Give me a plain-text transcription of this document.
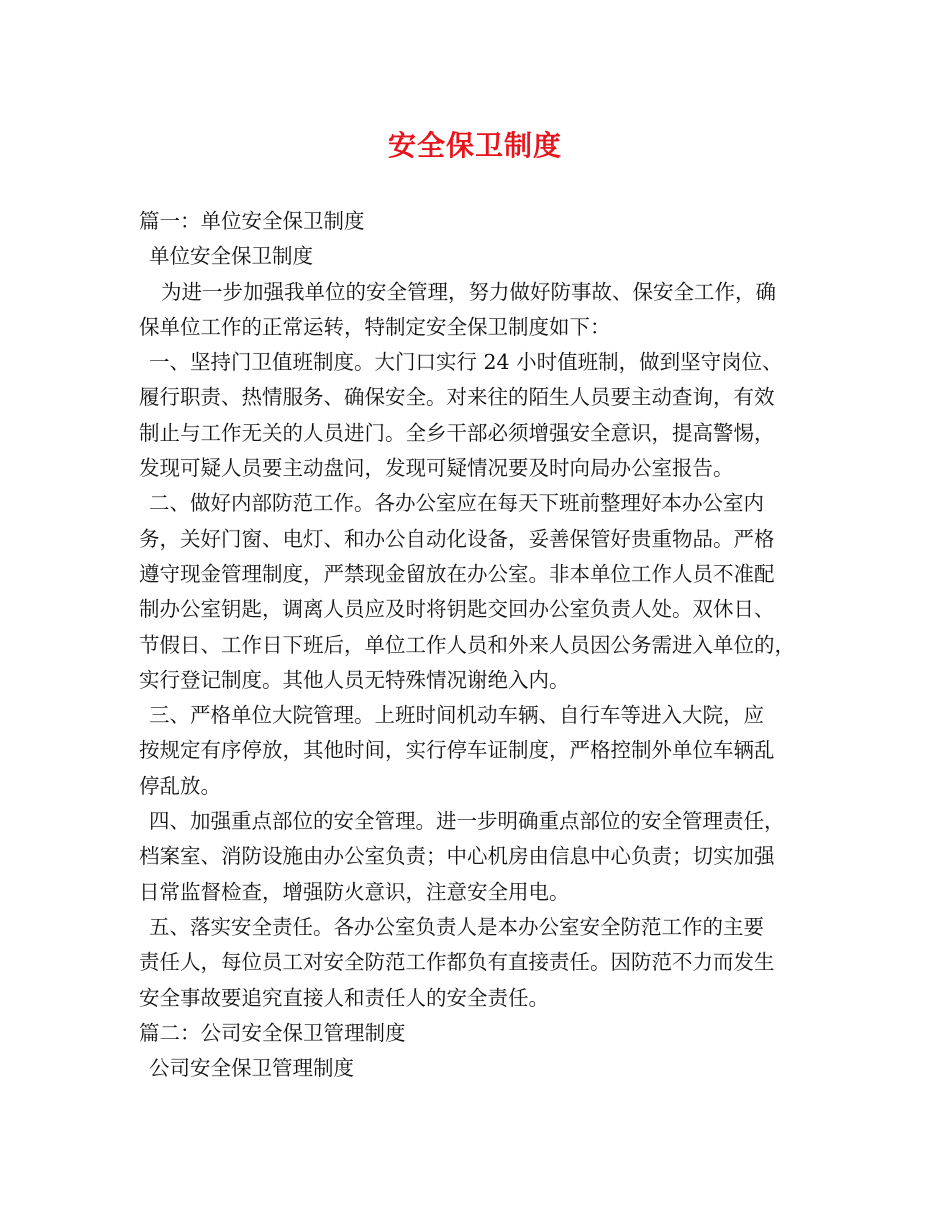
安全保卫制度
篇一：单位安全保卫制度
单位安全保卫制度
为进一步加强我单位的安全管理，努力做好防事故、保安全工作，确
保单位工作的正常运转，特制定安全保卫制度如下：
一、坚持门卫值班制度。大门口实行 24 小时值班制，做到坚守岗位、
履行职责、热情服务、确保安全。对来往的陌生人员要主动查询，有效
制止与工作无关的人员进门。全乡干部必须增强安全意识，提高警惕，
发现可疑人员要主动盘问，发现可疑情况要及时向局办公室报告。
二、做好内部防范工作。各办公室应在每天下班前整理好本办公室内
务，关好门窗、电灯、和办公自动化设备，妥善保管好贵重物品。严格
遵守现金管理制度，严禁现金留放在办公室。非本单位工作人员不准配
制办公室钥匙，调离人员应及时将钥匙交回办公室负责人处。双休日、
节假日、工作日下班后，单位工作人员和外来人员因公务需进入单位的，
实行登记制度。其他人员无特殊情况谢绝入内。
三、严格单位大院管理。上班时间机动车辆、自行车等进入大院，应
按规定有序停放，其他时间，实行停车证制度，严格控制外单位车辆乱
停乱放。
四、加强重点部位的安全管理。进一步明确重点部位的安全管理责任，
档案室、消防设施由办公室负责；中心机房由信息中心负责；切实加强
日常监督检查，增强防火意识，注意安全用电。
五、落实安全责任。各办公室负责人是本办公室安全防范工作的主要
责任人，每位员工对安全防范工作都负有直接责任。因防范不力而发生
安全事故要追究直接人和责任人的安全责任。
篇二：公司安全保卫管理制度
公司安全保卫管理制度
